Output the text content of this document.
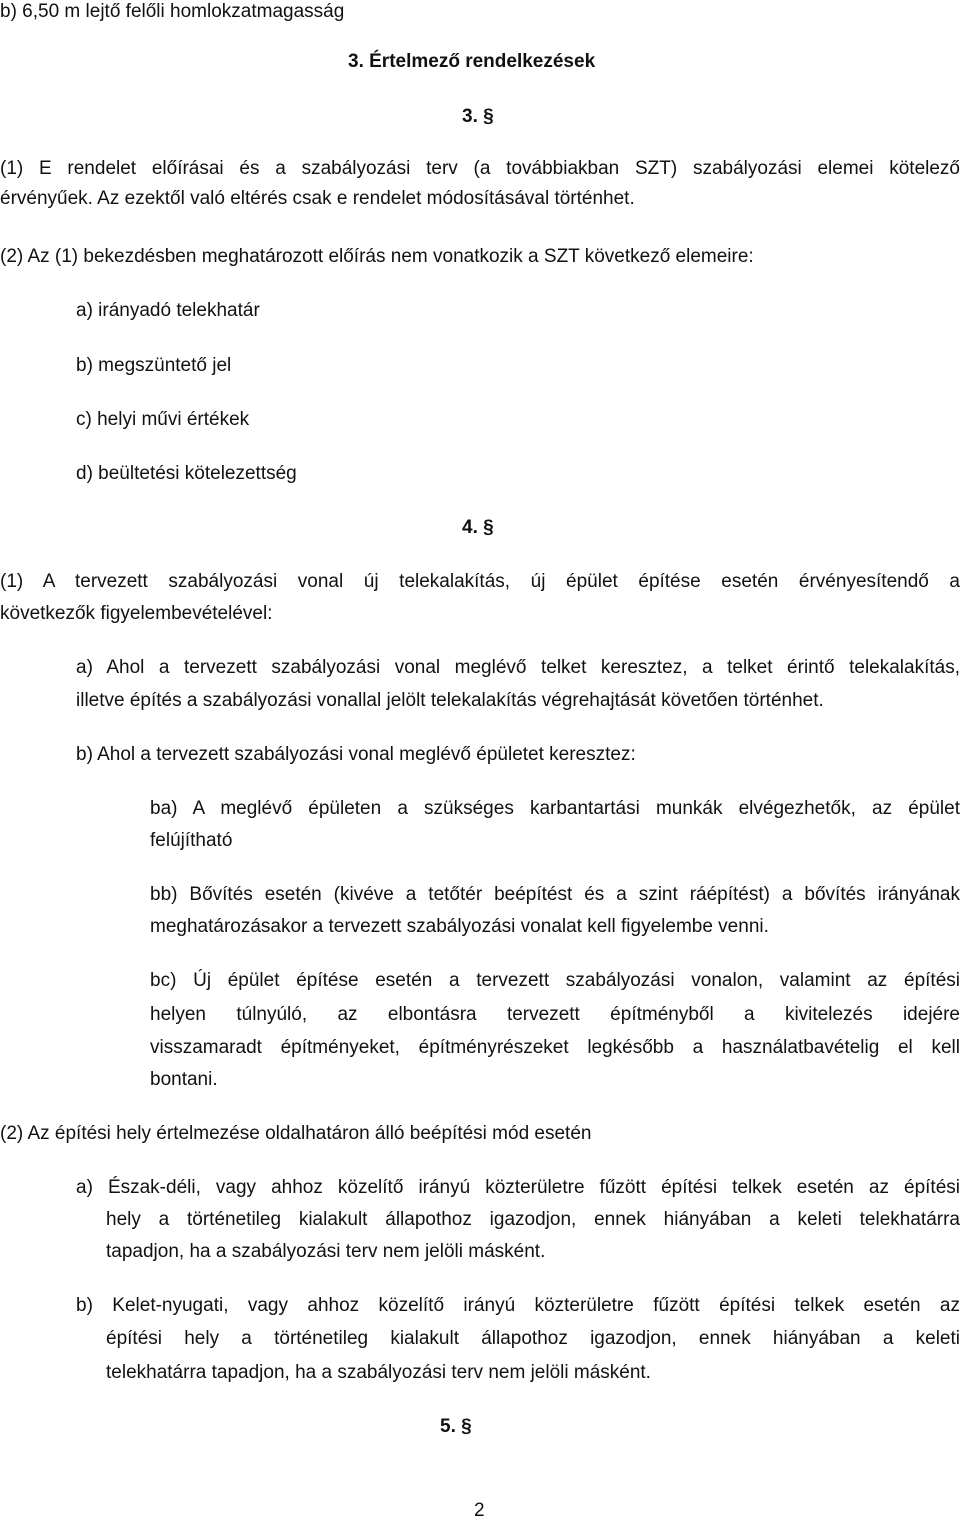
b) 6,50 m lejtő felőli homlokzatmagasság
3. Értelmező rendelkezések
3. §
(1) E rendelet előírásai és a szabályozási terv (a továbbiakban SZT) szabályozási elemei kötelező
érvényűek. Az ezektől való eltérés csak e rendelet módosításával történhet.
(2) Az (1) bekezdésben meghatározott előírás nem vonatkozik a SZT következő elemeire:
a) irányadó telekhatár
b) megszüntető jel
c) helyi művi értékek
d) beültetési kötelezettség
4. §
(1) A tervezett szabályozási vonal új telekalakítás, új épület építése esetén érvényesítendő a
következők figyelembevételével:
a) Ahol a tervezett szabályozási vonal meglévő telket keresztez, a telket érintő telekalakítás,
illetve építés a szabályozási vonallal jelölt telekalakítás végrehajtását követően történhet.
b) Ahol a tervezett szabályozási vonal meglévő épületet keresztez:
ba) A meglévő épületen a szükséges karbantartási munkák elvégezhetők, az épület
felújítható
bb) Bővítés esetén (kivéve a tetőtér beépítést és a szint ráépítést) a bővítés irányának
meghatározásakor a tervezett szabályozási vonalat kell figyelembe venni.
bc) Új épület építése esetén a tervezett szabályozási vonalon, valamint az építési
helyen túlnyúló, az elbontásra tervezett építményből a kivitelezés idejére
visszamaradt építményeket, építményrészeket legkésőbb a használatbavételig el kell
bontani.
(2) Az építési hely értelmezése oldalhatáron álló beépítési mód esetén
a) Észak-déli, vagy ahhoz közelítő irányú közterületre fűzött építési telkek esetén az építési
hely a történetileg kialakult állapothoz igazodjon, ennek hiányában a keleti telekhatárra
tapadjon, ha a szabályozási terv nem jelöli másként.
b) Kelet-nyugati, vagy ahhoz közelítő irányú közterületre fűzött építési telkek esetén az
építési hely a történetileg kialakult állapothoz igazodjon, ennek hiányában a keleti
telekhatárra tapadjon, ha a szabályozási terv nem jelöli másként.
5. §
2
